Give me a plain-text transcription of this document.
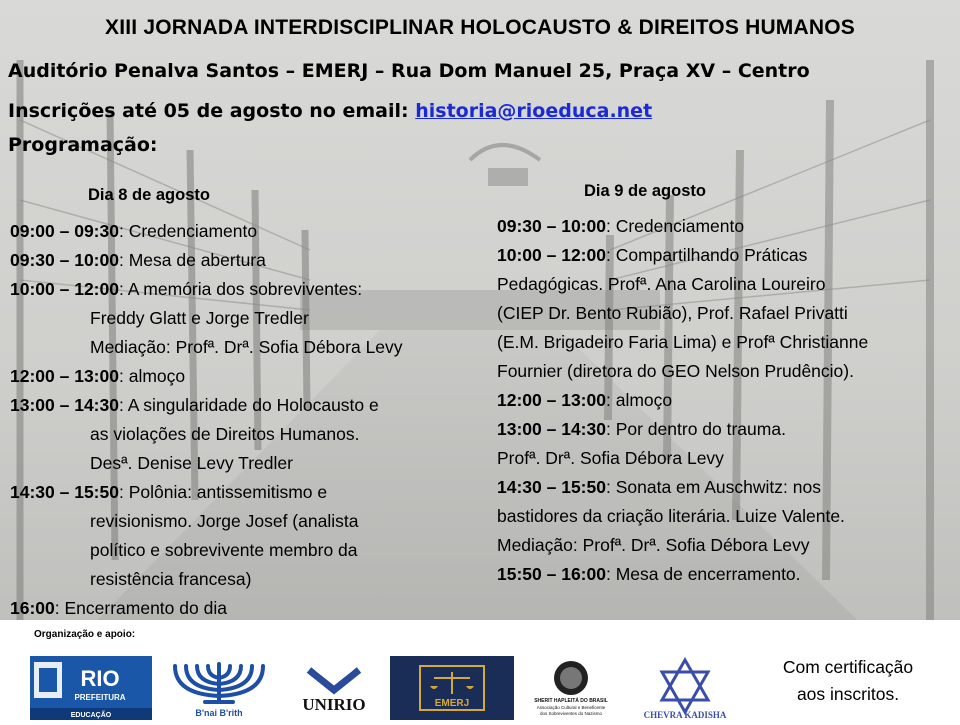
XIII JORNADA INTERDISCIPLINAR HOLOCAUSTO & DIREITOS HUMANOS
Auditório Penalva Santos – EMERJ – Rua Dom Manuel 25, Praça XV – Centro
Inscrições até 05 de agosto no email: historia@rioeduca.net
Programação:
Dia 8 de agosto	Dia 9 de agosto
09:00 – 09:30: Credenciamento
09:30 – 10:00: Mesa de abertura
10:00 – 12:00: A memória dos sobreviventes:
Freddy Glatt e Jorge Tredler
Mediação: Profª. Drª. Sofia Débora Levy
12:00 – 13:00: almoço
13:00 – 14:30: A singularidade do Holocausto e
as violações de Direitos Humanos.
Desª. Denise Levy Tredler
14:30 – 15:50: Polônia: antissemitismo e
revisionismo. Jorge Josef (analista
político e sobrevivente membro da
resistência francesa)
16:00: Encerramento do dia
09:30 – 10:00: Credenciamento
10:00 – 12:00: Compartilhando Práticas
Pedagógicas. Profª. Ana Carolina Loureiro
(CIEP Dr. Bento Rubião), Prof. Rafael Privatti
(E.M. Brigadeiro Faria Lima) e Profª Christianne
Fournier (diretora do GEO Nelson Prudêncio).
12:00 – 13:00: almoço
13:00 – 14:30: Por dentro do trauma.
Profª. Drª. Sofia Débora Levy
14:30 – 15:50: Sonata em Auschwitz: nos
bastidores da criação literária. Luize Valente.
Mediação: Profª. Drª. Sofia Débora Levy
15:50 – 16:00: Mesa de encerramento.
Organização e apoio:
RIO
PREFEITURA
EDUCAÇÃO	B'nai B'rith	UNIRIO	EMERJ	SHERIT HAPLEITÁ DO BRASIL
Associação Cultural e Beneficente
dos Sobreviventes do Nazismo	CHEVRA KADISHA
Com certificação
aos inscritos.
